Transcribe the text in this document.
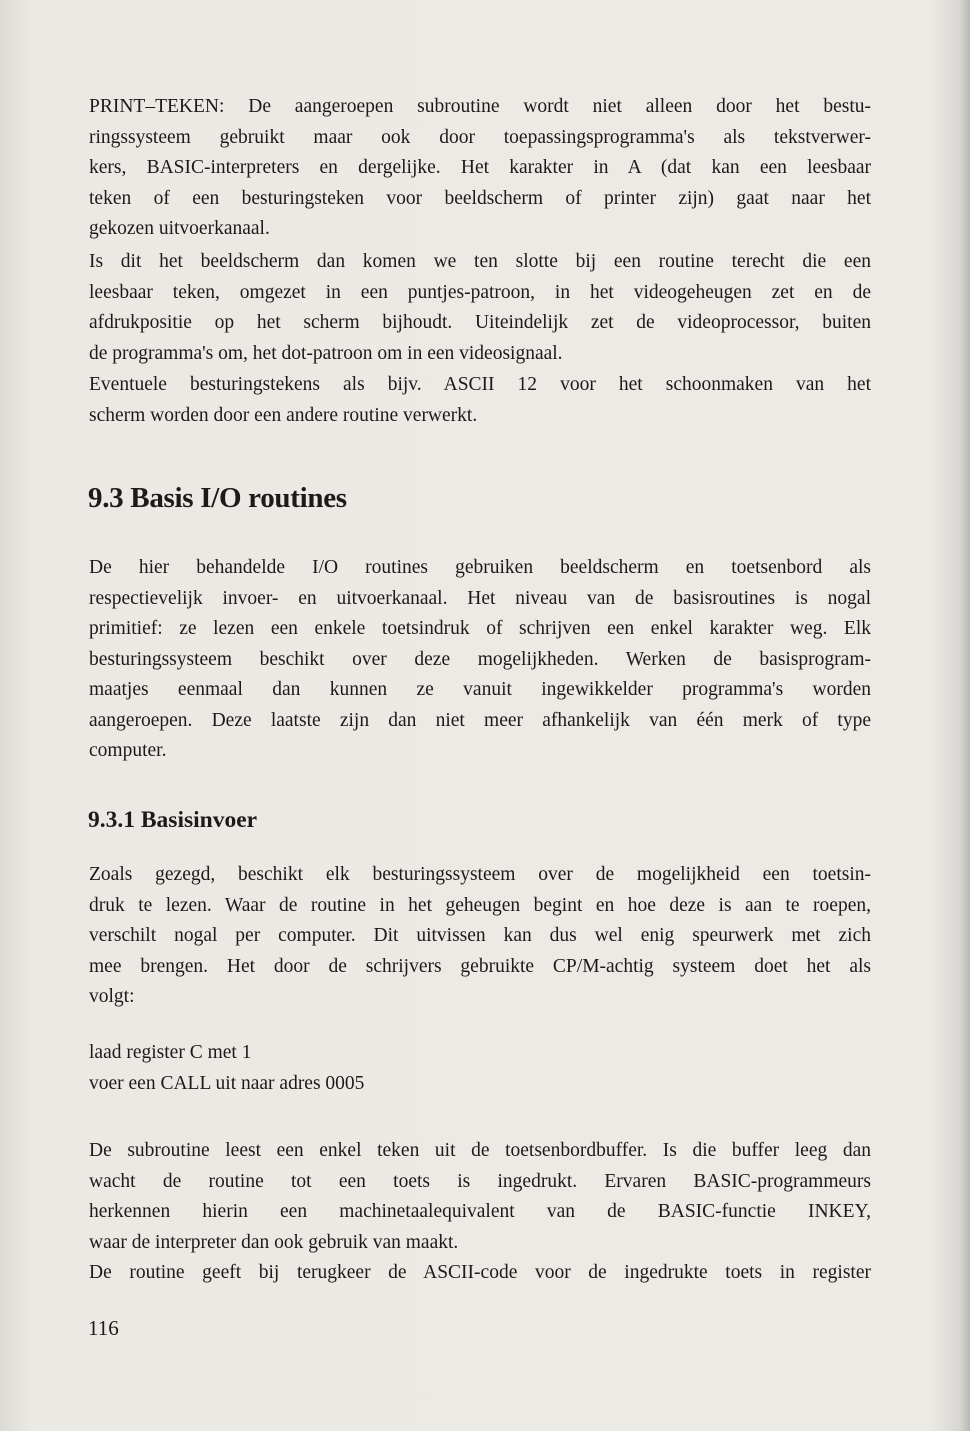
PRINT–TEKEN: De aangeroepen subroutine wordt niet alleen door het bestu-

ringssysteem gebruikt maar ook door toepassingsprogramma's als tekstverwer-

kers, BASIC-interpreters en dergelijke. Het karakter in A (dat kan een leesbaar

teken of een besturingsteken voor beeldscherm of printer zijn) gaat naar het

gekozen uitvoerkanaal.

Is dit het beeldscherm dan komen we ten slotte bij een routine terecht die een

leesbaar teken, omgezet in een puntjes-patroon, in het videogeheugen zet en de

afdrukpositie op het scherm bijhoudt. Uiteindelijk zet de videoprocessor, buiten

de programma's om, het dot-patroon om in een videosignaal.

Eventuele besturingstekens als bijv. ASCII 12 voor het schoonmaken van het

scherm worden door een andere routine verwerkt.

9.3 Basis I/O routines

De hier behandelde I/O routines gebruiken beeldscherm en toetsenbord als

respectievelijk invoer- en uitvoerkanaal. Het niveau van de basisroutines is nogal

primitief: ze lezen een enkele toetsindruk of schrijven een enkel karakter weg. Elk

besturingssysteem beschikt over deze mogelijkheden. Werken de basisprogram-

maatjes eenmaal dan kunnen ze vanuit ingewikkelder programma's worden

aangeroepen. Deze laatste zijn dan niet meer afhankelijk van één merk of type

computer.

9.3.1 Basisinvoer

Zoals gezegd, beschikt elk besturingssysteem over de mogelijkheid een toetsin-

druk te lezen. Waar de routine in het geheugen begint en hoe deze is aan te roepen,

verschilt nogal per computer. Dit uitvissen kan dus wel enig speurwerk met zich

mee brengen. Het door de schrijvers gebruikte CP/M-achtig systeem doet het als

volgt:

laad register C met 1

voer een CALL uit naar adres 0005

De subroutine leest een enkel teken uit de toetsenbordbuffer. Is die buffer leeg dan

wacht de routine tot een toets is ingedrukt. Ervaren BASIC-programmeurs

herkennen hierin een machinetaalequivalent van de BASIC-functie INKEY,

waar de interpreter dan ook gebruik van maakt.

De routine geeft bij terugkeer de ASCII-code voor de ingedrukte toets in register

116
